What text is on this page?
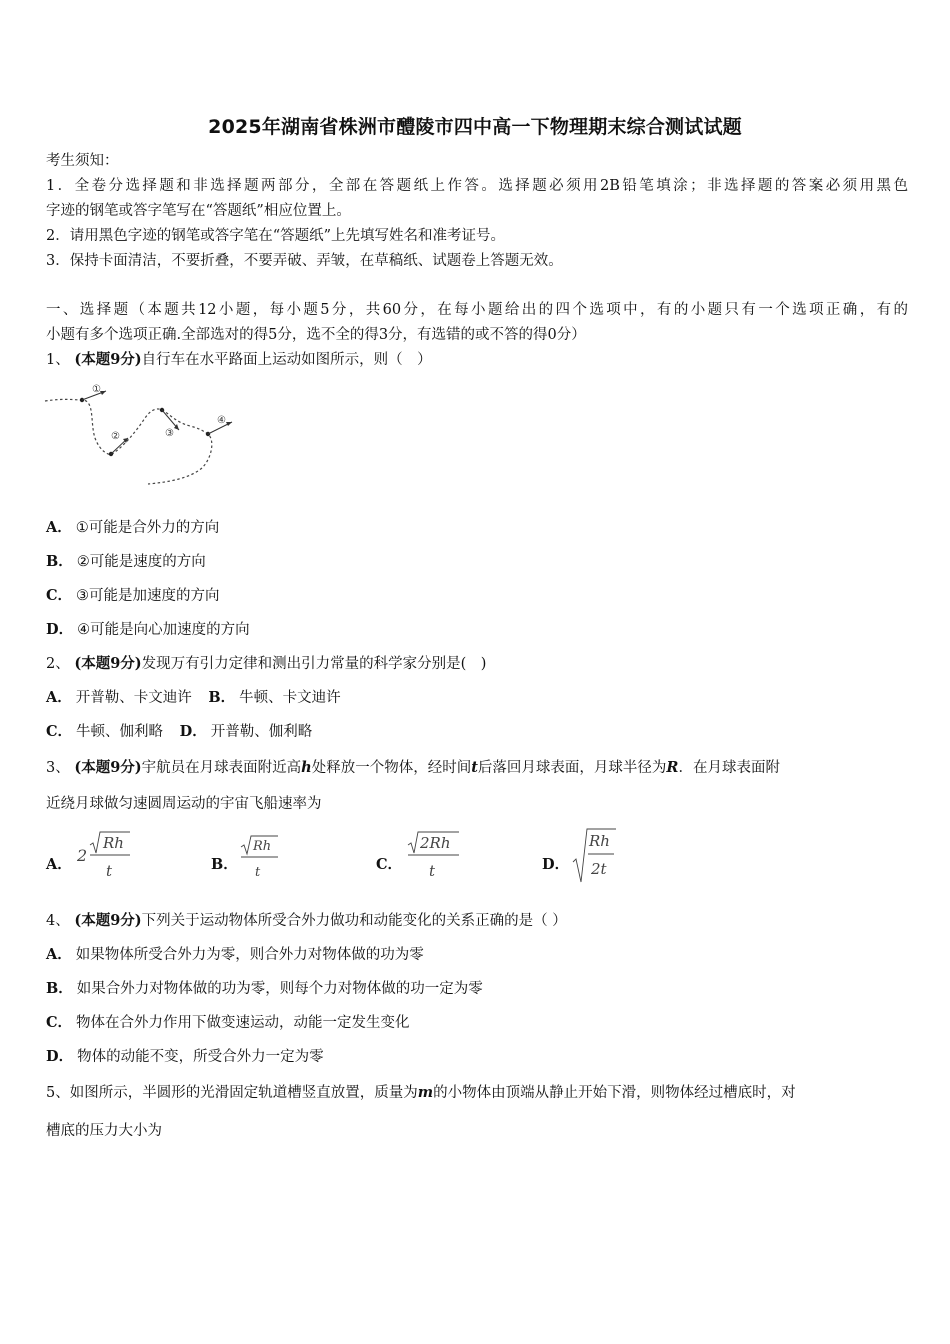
2025年湖南省株洲市醴陵市四中高一下物理期末综合测试试题
考生须知：
1．全卷分选择题和非选择题两部分，全部在答题纸上作答。选择题必须用2B铅笔填涂；非选择题的答案必须用黑色
字迹的钢笔或答字笔写在“答题纸”相应位置上。
2．请用黑色字迹的钢笔或答字笔在“答题纸”上先填写姓名和准考证号。
3．保持卡面清洁，不要折叠，不要弄破、弄皱，在草稿纸、试题卷上答题无效。
一、选择题（本题共12小题，每小题5分，共60分，在每小题给出的四个选项中，有的小题只有一个选项正确，有的
小题有多个选项正确.全部选对的得5分，选不全的得3分，有选错的或不答的得0分）
1、 (本题9分)自行车在水平路面上运动如图所示，则（　）
①
②	③
④
A． ①可能是合外力的方向
B． ②可能是速度的方向
C． ③可能是加速度的方向
D． ④可能是向心加速度的方向
2、 (本题9分)发现万有引力定律和测出引力常量的科学家分别是(　)
A． 开普勒、卡文迪许 B． 牛顿、卡文迪许
C． 牛顿、伽利略 D． 开普勒、伽利略
3、 (本题9分)宇航员在月球表面附近高h处释放一个物体，经时间t后落回月球表面，月球半径为R．在月球表面附
近绕月球做匀速圆周运动的宇宙飞船速率为
A． 2
Rh
t	B．
Rh
t	C．
2Rh
t	D．
Rh
2t
4、 (本题9分)下列关于运动物体所受合外力做功和动能变化的关系正确的是（ ）
A． 如果物体所受合外力为零，则合外力对物体做的功为零
B． 如果合外力对物体做的功为零，则每个力对物体做的功一定为零
C． 物体在合外力作用下做变速运动，动能一定发生变化
D． 物体的动能不变，所受合外力一定为零
5、如图所示，半圆形的光滑固定轨道槽竖直放置，质量为m的小物体由顶端从静止开始下滑，则物体经过槽底时，对
槽底的压力大小为
